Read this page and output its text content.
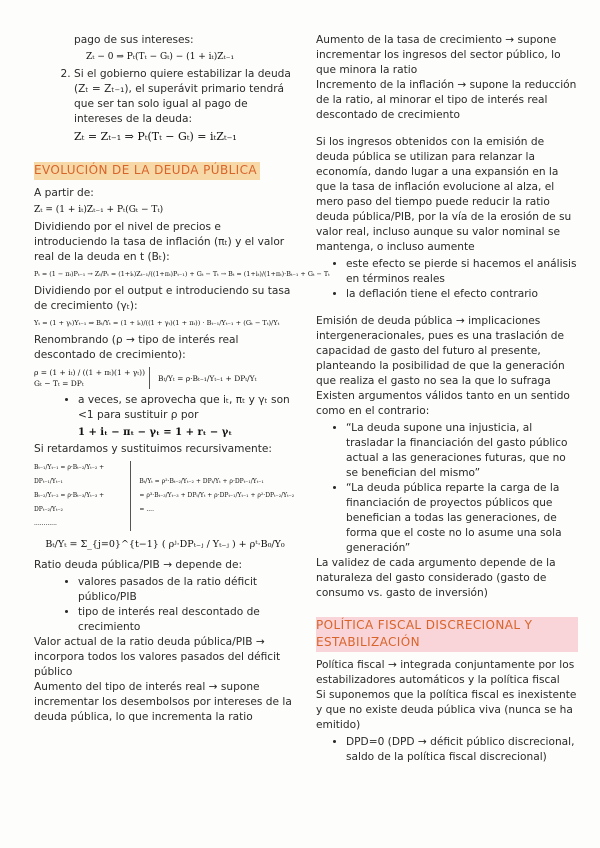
pago de sus intereses:

Zₜ − 0 ⇒ Pₜ(Tₜ − Gₜ) − (1 + iₜ)Zₜ₋₁

2. Si el gobierno quiere estabilizar la deuda (Zₜ = Zₜ₋₁), el superávit primario tendrá que ser tan solo igual al pago de intereses de la deuda:
Zₜ = Zₜ₋₁ ⇒ Pₜ(Tₜ − Gₜ) = iₜZₜ₋₁
EVOLUCIÓN DE LA DEUDA PÚBLICA

A partir de:

Zₜ = (1 + iₜ)Zₜ₋₁ + Pₜ(Gₜ − Tₜ)

Dividiendo por el nivel de precios e introduciendo la tasa de inflación (πₜ) y el valor real de la deuda en t (Bₜ):

Pₜ = (1 − πₜ)Pₜ₋₁ → Zₜ/Pₜ = (1+iₜ)Zₜ₋₁/((1+πₜ)Pₜ₋₁) + Gₜ − Tₜ → Bₜ = (1+iₜ)/(1+πₜ)·Bₜ₋₁ + Gₜ − Tₜ

Dividiendo por el output e introduciendo su tasa de crecimiento (γₜ):

Yₜ = (1 + γₜ)Yₜ₋₁ ⇒ Bₜ/Yₜ = (1 + iₜ)/((1 + γₜ)(1 + πₜ)) · Bₜ₋₁/Yₜ₋₁ + (Gₜ − Tₜ)/Yₜ

Renombrando (ρ → tipo de interés real descontado de crecimiento):

ρ = (1 + iₜ) / ((1 + πₜ)(1 + γₜ))
Gₜ − Tₜ = DPₜ
Bₜ/Yₜ = ρ·Bₜ₋₁/Yₜ₋₁ + DPₜ/Yₜ
• a veces, se aprovecha que iₜ, πₜ y γₜ son <1 para sustituir ρ por
1 + iₜ − πₜ − γₜ = 1 + rₜ − γₜ

Si retardamos y sustituimos recursivamente:

Bₜ₋₁/Yₜ₋₁ = ρ·Bₜ₋₂/Yₜ₋₂ + DPₜ₋₁/Yₜ₋₁
Bₜ₋₂/Yₜ₋₂ = ρ·Bₜ₋₃/Yₜ₋₃ + DPₜ₋₂/Yₜ₋₂
............
Bₜ/Yₜ = ρ²·Bₜ₋₂/Yₜ₋₂ + DPₜ/Yₜ + ρ·DPₜ₋₁/Yₜ₋₁
= ρ³·Bₜ₋₃/Yₜ₋₃ + DPₜ/Yₜ + ρ·DPₜ₋₁/Yₜ₋₁ + ρ²·DPₜ₋₂/Yₜ₋₂ = ....
Bₜ/Yₜ = Σ_{j=0}^{t−1} ( ρʲ·DPₜ₋ⱼ / Yₜ₋ⱼ ) + ρᵗ·B₀/Y₀

Ratio deuda pública/PIB → depende de:

• valores pasados de la ratio déficit público/PIB
• tipo de interés real descontado de crecimiento

Valor actual de la ratio deuda pública/PIB → incorpora todos los valores pasados del déficit público

Aumento del tipo de interés real → supone incrementar los desembolsos por intereses de la deuda pública, lo que incrementa la ratio

Aumento de la tasa de crecimiento → supone incrementar los ingresos del sector público, lo que minora la ratio

Incremento de la inflación → supone la reducción de la ratio, al minorar el tipo de interés real descontado de crecimiento

Si los ingresos obtenidos con la emisión de deuda pública se utilizan para relanzar la economía, dando lugar a una expansión en la que la tasa de inflación evolucione al alza, el mero paso del tiempo puede reducir la ratio deuda pública/PIB, por la vía de la erosión de su valor real, incluso aunque su valor nominal se mantenga, o incluso aumente

• este efecto se pierde si hacemos el análisis en términos reales
• la deflación tiene el efecto contrario

Emisión de deuda pública → implicaciones intergeneracionales, pues es una traslación de capacidad de gasto del futuro al presente, planteando la posibilidad de que la generación que realiza el gasto no sea la que lo sufraga

Existen argumentos válidos tanto en un sentido como en el contrario:

• “La deuda supone una injusticia, al trasladar la financiación del gasto público actual a las generaciones futuras, que no se benefician del mismo”
• “La deuda pública reparte la carga de la financiación de proyectos públicos que benefician a todas las generaciones, de forma que el coste no lo asume una sola generación”

La validez de cada argumento depende de la naturaleza del gasto considerado (gasto de consumo vs. gasto de inversión)

POLÍTICA FISCAL DISCRECIONAL Y ESTABILIZACIÓN

Política fiscal → integrada conjuntamente por los estabilizadores automáticos y la política fiscal

Si suponemos que la política fiscal es inexistente y que no existe deuda pública viva (nunca se ha emitido)

• DPD=0 (DPD → déficit público discrecional, saldo de la política fiscal discrecional)
